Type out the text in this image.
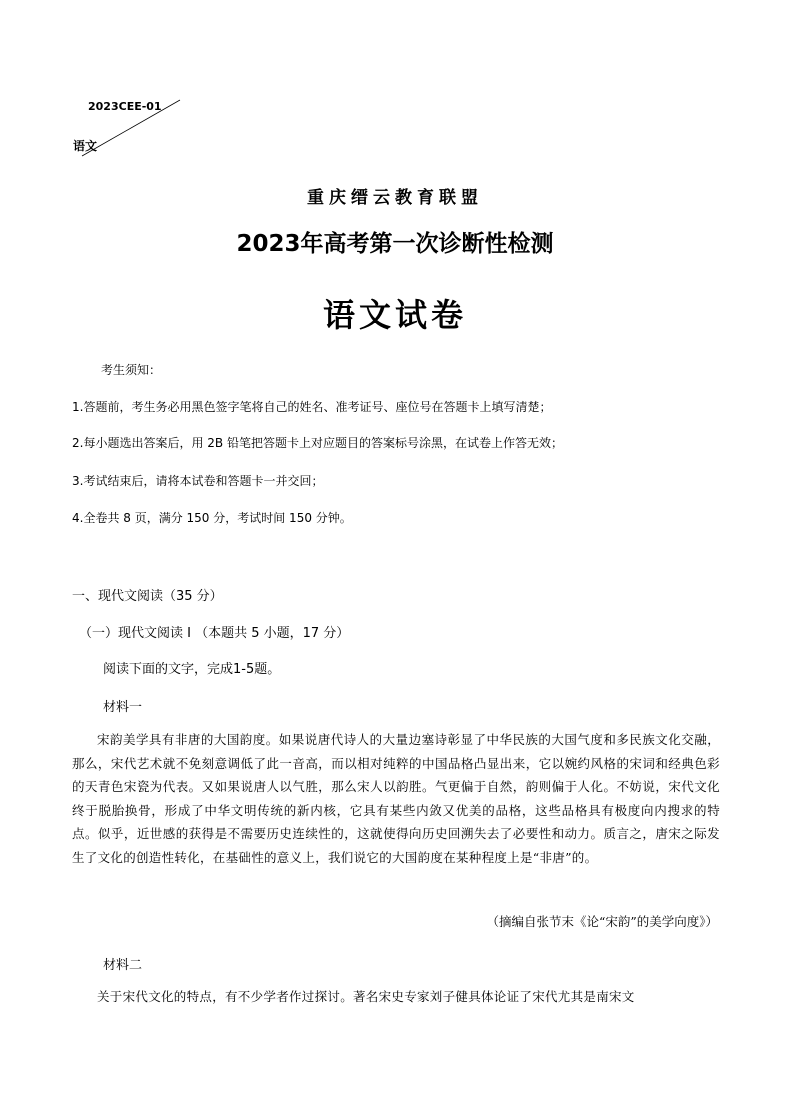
2023CEE-01
语文
重庆缙云教育联盟
2023年高考第一次诊断性检测
语文试卷
考生须知：
1.答题前，考生务必用黑色签字笔将自己的姓名、准考证号、座位号在答题卡上填写清楚；
2.每小题选出答案后，用 2B 铅笔把答题卡上对应题目的答案标号涂黑，在试卷上作答无效；
3.考试结束后，请将本试卷和答题卡一并交回；
4.全卷共 8 页，满分 150 分，考试时间 150 分钟。
一、现代文阅读（35 分）
（一）现代文阅读 I （本题共 5 小题，17 分）
阅读下面的文字，完成1-5题。
材料一
宋韵美学具有非唐的大国韵度。如果说唐代诗人的大量边塞诗彰显了中华民族的大国气度和多民族文化交融，那么，宋代艺术就不免刻意调低了此一音高，而以相对纯粹的中国品格凸显出来，它以婉约风格的宋词和经典色彩的天青色宋瓷为代表。又如果说唐人以气胜，那么宋人以韵胜。气更偏于自然，韵则偏于人化。不妨说，宋代文化终于脱胎换骨，形成了中华文明传统的新内核，它具有某些内敛又优美的品格，这些品格具有极度向内搜求的特点。似乎，近世感的获得是不需要历史连续性的，这就使得向历史回溯失去了必要性和动力。质言之，唐宋之际发生了文化的创造性转化，在基础性的意义上，我们说它的大国韵度在某种程度上是“非唐”的。
（摘编自张节末《论“宋韵”的美学向度》）
材料二
关于宋代文化的特点，有不少学者作过探讨。著名宋史专家刘子健具体论证了宋代尤其是南宋文
